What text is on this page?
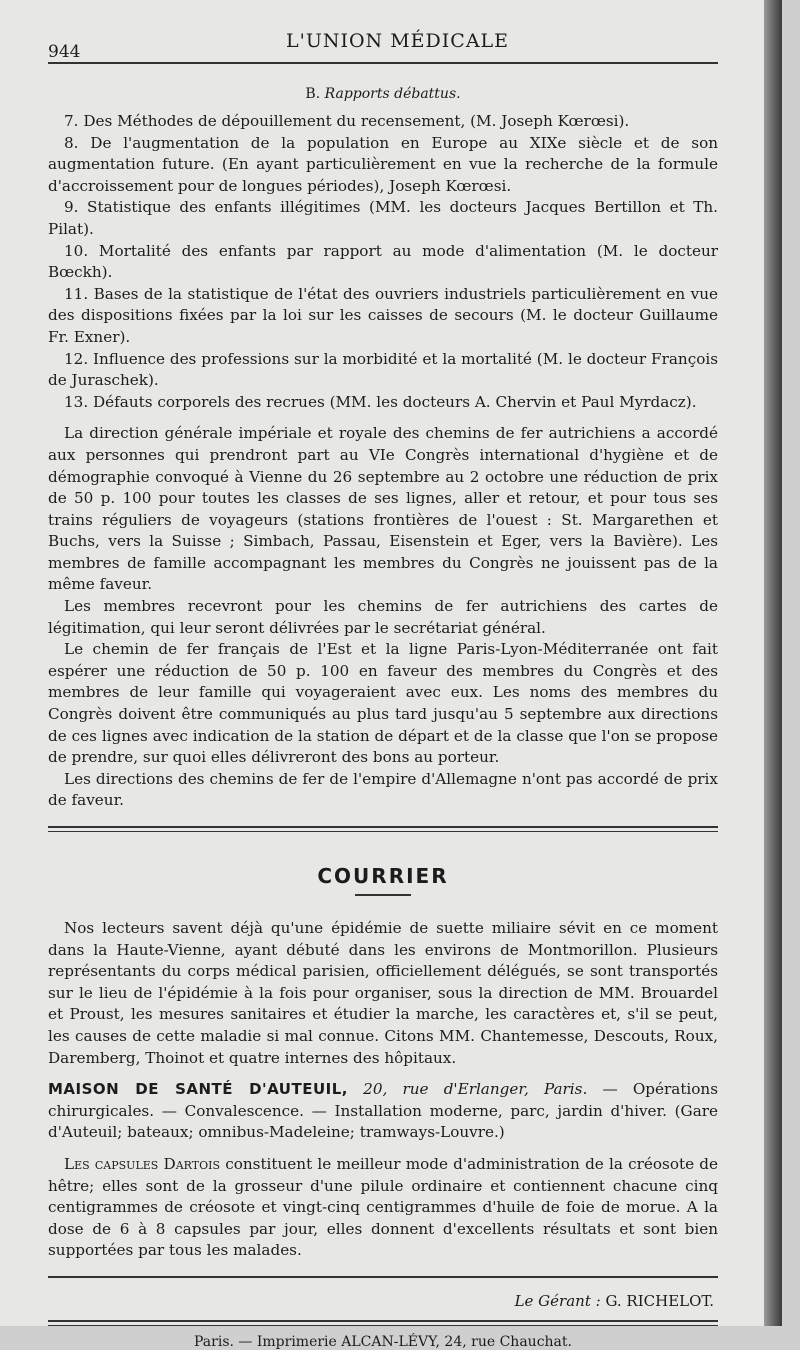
944	L'UNION MÉDICALE
B. Rapports débattus.

7. Des Méthodes de dépouillement du recensement, (M. Joseph Kœrœsi).

8. De l'augmentation de la population en Europe au XIXe siècle et de son augmentation future. (En ayant particulièrement en vue la recherche de la formule d'accroissement pour de longues périodes), Joseph Kœrœsi.

9. Statistique des enfants illégitimes (MM. les docteurs Jacques Bertillon et Th. Pilat).

10. Mortalité des enfants par rapport au mode d'alimentation (M. le docteur Bœckh).

11. Bases de la statistique de l'état des ouvriers industriels particulièrement en vue des dispositions fixées par la loi sur les caisses de secours (M. le docteur Guillaume Fr. Exner).

12. Influence des professions sur la morbidité et la mortalité (M. le docteur François de Juraschek).

13. Défauts corporels des recrues (MM. les docteurs A. Chervin et Paul Myrdacz).

La direction générale impériale et royale des chemins de fer autrichiens a accordé aux personnes qui prendront part au VIe Congrès international d'hygiène et de démographie convoqué à Vienne du 26 septembre au 2 octobre une réduction de prix de 50 p. 100 pour toutes les classes de ses lignes, aller et retour, et pour tous ses trains réguliers de voyageurs (stations frontières de l'ouest : St. Margarethen et Buchs, vers la Suisse ; Simbach, Passau, Eisenstein et Eger, vers la Bavière). Les membres de famille accompagnant les membres du Congrès ne jouissent pas de la même faveur.

Les membres recevront pour les chemins de fer autrichiens des cartes de légitimation, qui leur seront délivrées par le secrétariat général.

Le chemin de fer français de l'Est et la ligne Paris-Lyon-Méditerranée ont fait espérer une réduction de 50 p. 100 en faveur des membres du Congrès et des membres de leur famille qui voyageraient avec eux. Les noms des membres du Congrès doivent être communiqués au plus tard jusqu'au 5 septembre aux directions de ces lignes avec indication de la station de départ et de la classe que l'on se propose de prendre, sur quoi elles délivreront des bons au porteur.

Les directions des chemins de fer de l'empire d'Allemagne n'ont pas accordé de prix de faveur.

COURRIER

Nos lecteurs savent déjà qu'une épidémie de suette miliaire sévit en ce moment dans la Haute-Vienne, ayant débuté dans les environs de Montmorillon. Plusieurs représentants du corps médical parisien, officiellement délégués, se sont transportés sur le lieu de l'épidémie à la fois pour organiser, sous la direction de MM. Brouardel et Proust, les mesures sanitaires et étudier la marche, les caractères et, s'il se peut, les causes de cette maladie si mal connue. Citons MM. Chantemesse, Descouts, Roux, Daremberg, Thoinot et quatre internes des hôpitaux.

MAISON DE SANTÉ D'AUTEUIL, 20, rue d'Erlanger, Paris. — Opérations chirurgicales. — Convalescence. — Installation moderne, parc, jardin d'hiver. (Gare d'Auteuil; bateaux; omnibus-Madeleine; tramways-Louvre.)

Les capsules Dartois constituent le meilleur mode d'administration de la créosote de hêtre; elles sont de la grosseur d'une pilule ordinaire et contiennent chacune cinq centigrammes de créosote et vingt-cinq centigrammes d'huile de foie de morue. A la dose de 6 à 8 capsules par jour, elles donnent d'excellents résultats et sont bien supportées par tous les malades.

Le Gérant : G. RICHELOT.
Paris. — Imprimerie ALCAN-LÉVY, 24, rue Chauchat.
